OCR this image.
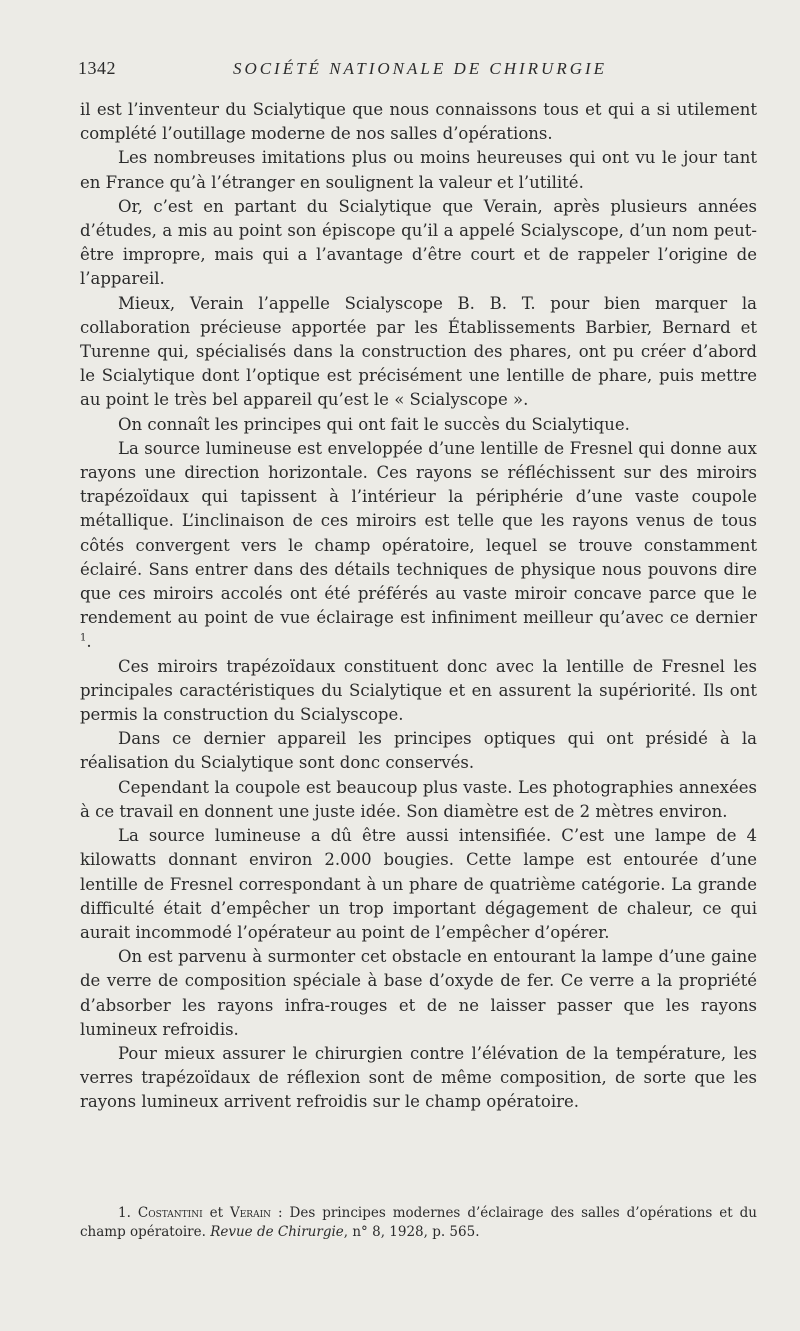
1342	SOCIÉTÉ NATIONALE DE CHIRURGIE

il est l’inventeur du Scialytique que nous connaissons tous et qui a si utilement complété l’outillage moderne de nos salles d’opérations.

Les nombreuses imitations plus ou moins heureuses qui ont vu le jour tant en France qu’à l’étranger en soulignent la valeur et l’utilité.

Or, c’est en partant du Scialytique que Verain, après plusieurs années d’études, a mis au point son épiscope qu’il a appelé Scialyscope, d’un nom peut-être impropre, mais qui a l’avantage d’être court et de rappeler l’origine de l’appareil.

Mieux, Verain l’appelle Scialyscope B. B. T. pour bien marquer la collaboration précieuse apportée par les Établissements Barbier, Bernard et Turenne qui, spécialisés dans la construction des phares, ont pu créer d’abord le Scialytique dont l’optique est précisément une lentille de phare, puis mettre au point le très bel appareil qu’est le « Scialyscope ».

On connaît les principes qui ont fait le succès du Scialytique.

La source lumineuse est enveloppée d’une lentille de Fresnel qui donne aux rayons une direction horizontale. Ces rayons se réfléchissent sur des miroirs trapézoïdaux qui tapissent à l’intérieur la périphérie d’une vaste coupole métallique. L’inclinaison de ces miroirs est telle que les rayons venus de tous côtés convergent vers le champ opératoire, lequel se trouve constamment éclairé. Sans entrer dans des détails techniques de physique nous pouvons dire que ces miroirs accolés ont été préférés au vaste miroir concave parce que le rendement au point de vue éclairage est infiniment meilleur qu’avec ce dernier $^1$.

Ces miroirs trapézoïdaux constituent donc avec la lentille de Fresnel les principales caractéristiques du Scialytique et en assurent la supériorité. Ils ont permis la construction du Scialyscope.

Dans ce dernier appareil les principes optiques qui ont présidé à la réalisation du Scialytique sont donc conservés.

Cependant la coupole est beaucoup plus vaste. Les photographies annexées à ce travail en donnent une juste idée. Son diamètre est de 2 mètres environ.

La source lumineuse a dû être aussi intensifiée. C’est une lampe de 4 kilowatts donnant environ 2.000 bougies. Cette lampe est entourée d’une lentille de Fresnel correspondant à un phare de quatrième catégorie. La grande difficulté était d’empêcher un trop important dégagement de chaleur, ce qui aurait incommodé l’opérateur au point de l’empêcher d’opérer.

On est parvenu à surmonter cet obstacle en entourant la lampe d’une gaine de verre de composition spéciale à base d’oxyde de fer. Ce verre a la propriété d’absorber les rayons infra-rouges et de ne laisser passer que les rayons lumineux refroidis.

Pour mieux assurer le chirurgien contre l’élévation de la température, les verres trapézoïdaux de réflexion sont de même composition, de sorte que les rayons lumineux arrivent refroidis sur le champ opératoire.

1. Costantini et Verain : Des principes modernes d’éclairage des salles d’opérations et du champ opératoire. Revue de Chirurgie, n° 8, 1928, p. 565.
